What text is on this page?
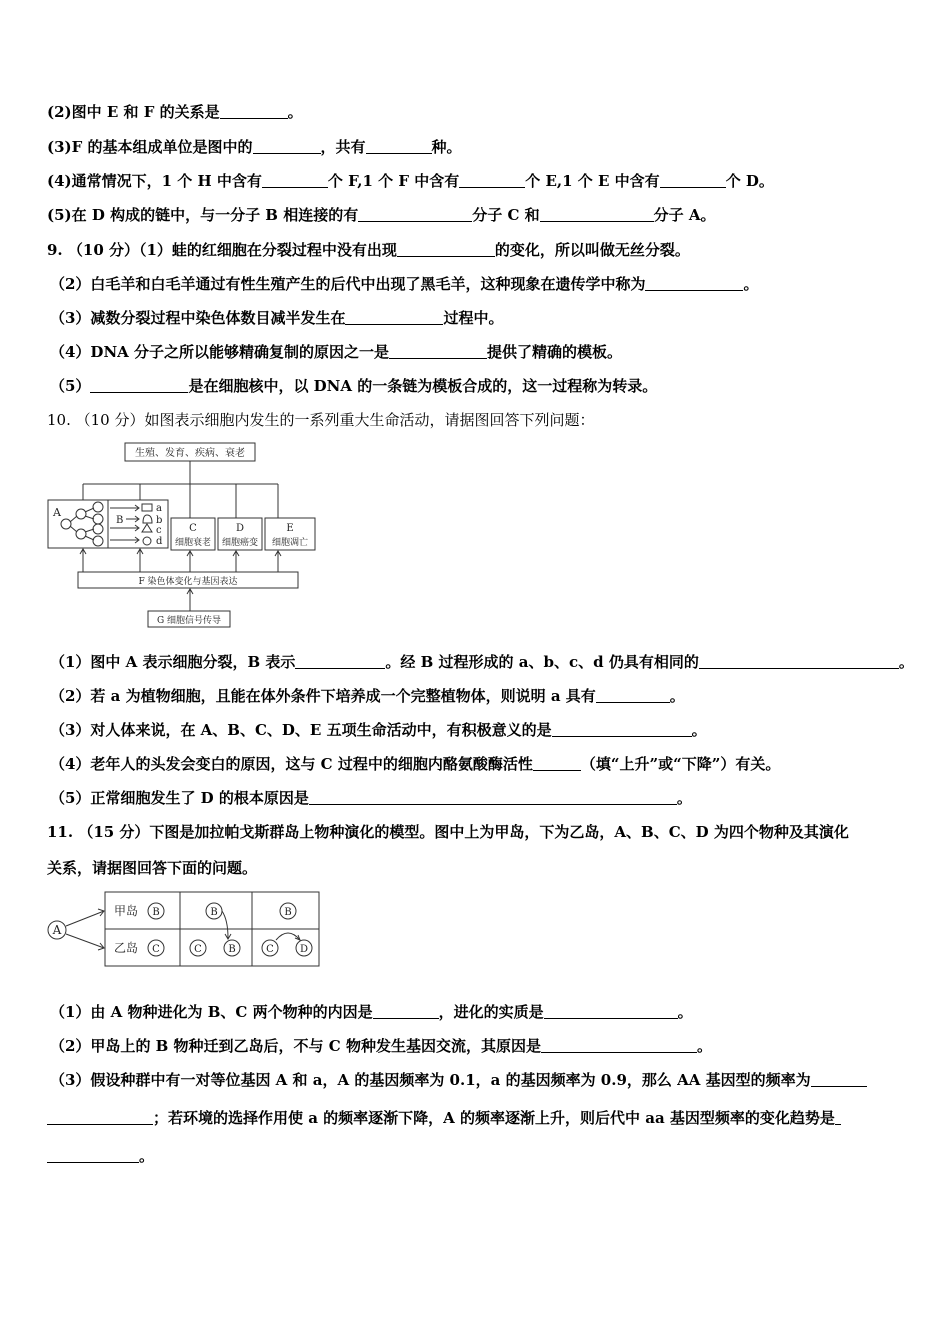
(2)图中 E 和 F 的关系是	。
(3)F 的基本组成单位是图中的	，共有	种。
(4)通常情况下，1 个 H 中含有	个 F,1 个 F 中含有	个 E,1 个 E 中含有	个 D。
(5)在 D 构成的链中，与一分子 B 相连接的有	分子 C 和	分子 A。
9. （10 分）（1）蛙的红细胞在分裂过程中没有出现	的变化，所以叫做无丝分裂。
（2）白毛羊和白毛羊通过有性生殖产生的后代中出现了黑毛羊，这种现象在遗传学中称为	。
（3）减数分裂过程中染色体数目减半发生在	过程中。
（4）DNA 分子之所以能够精确复制的原因之一是	提供了精确的模板。
（5）	是在细胞核中，以 DNA 的一条链为模板合成的，这一过程称为转录。
10. （10 分）如图表示细胞内发生的一系列重大生命活动，请据图回答下列问题：
生殖、发育、疾病、衰老
A
B
a
b
c
d
C
细胞衰老
D
细胞癌变
E
细胞凋亡
F 染色体变化与基因表达
G 细胞信号传导
（1）图中 A 表示细胞分裂，B 表示	。经 B 过程形成的 a、b、c、d 仍具有相同的	。
（2）若 a 为植物细胞，且能在体外条件下培养成一个完整植物体，则说明 a 具有	。
（3）对人体来说，在 A、B、C、D、E 五项生命活动中，有积极意义的是	。
（4）老年人的头发会变白的原因，这与 C 过程中的细胞内酪氨酸酶活性	（填“上升”或“下降”）有关。
（5）正常细胞发生了 D 的根本原因是	。
11. （15 分）下图是加拉帕戈斯群岛上物种演化的模型。图中上为甲岛，下为乙岛，A、B、C、D 为四个物种及其演化
关系，请据图回答下面的问题。
A
甲岛
乙岛
B
C
B
C	B
B
C	D
（1）由 A 物种进化为 B、C 两个物种的内因是	，进化的实质是	。
（2）甲岛上的 B 物种迁到乙岛后，不与 C 物种发生基因交流，其原因是	。
（3）假设种群中有一对等位基因 A 和 a，A 的基因频率为 0.1，a 的基因频率为 0.9，那么 AA 基因型的频率为
；若环境的选择作用使 a 的频率逐渐下降，A 的频率逐渐上升，则后代中 aa 基因型频率的变化趋势是
。
